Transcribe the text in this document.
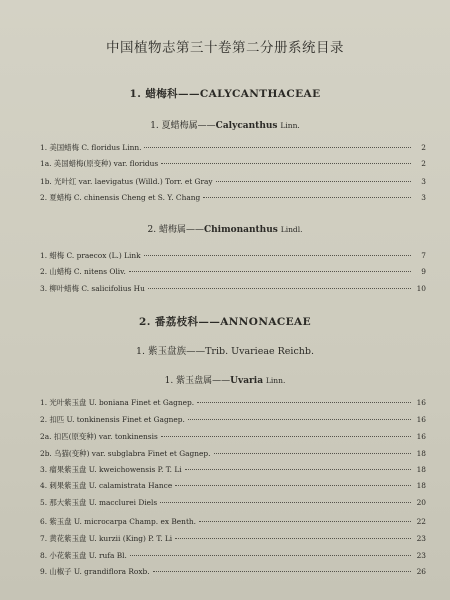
中国植物志第三十卷第二分册系统目录
1. 蜡梅科——CALYCANTHACEAE
1. 夏蜡梅属——Calycanthus Linn.
1. 美国蜡梅 C. floridus Linn.	2
1a. 美国蜡梅(原变种) var. floridus	2
1b. 光叶红 var. laevigatus (Willd.) Torr. et Gray	3
2. 夏蜡梅 C. chinensis Cheng et S. Y. Chang	3
2. 蜡梅属——Chimonanthus Lindl.
1. 蜡梅 C. praecox (L.) Link	7
2. 山蜡梅 C. nitens Oliv.	9
3. 柳叶蜡梅 C. salicifolius Hu	10
2. 番荔枝科——ANNONACEAE
1. 紫玉盘族——Trib. Uvarieae Reichb.
1. 紫玉盘属——Uvaria Linn.
1. 光叶紫玉盘 U. boniana Finet et Gagnep.	16
2. 扣匹 U. tonkinensis Finet et Gagnep.	16
2a. 扣匹(原变种) var. tonkinensis	16
2b. 乌猫(变种) var. subglabra Finet et Gagnep.	18
3. 瘤果紫玉盘 U. kweichowensis P. T. Li	18
4. 刺果紫玉盘 U. calamistrata Hance	18
5. 那大紫玉盘 U. macclurei Diels	20
6. 紫玉盘 U. microcarpa Champ. ex Benth.	22
7. 黄花紫玉盘 U. kurzii (King) P. T. Li	23
8. 小花紫玉盘 U. rufa Bl.	23
9. 山椒子 U. grandiflora Roxb.	26
